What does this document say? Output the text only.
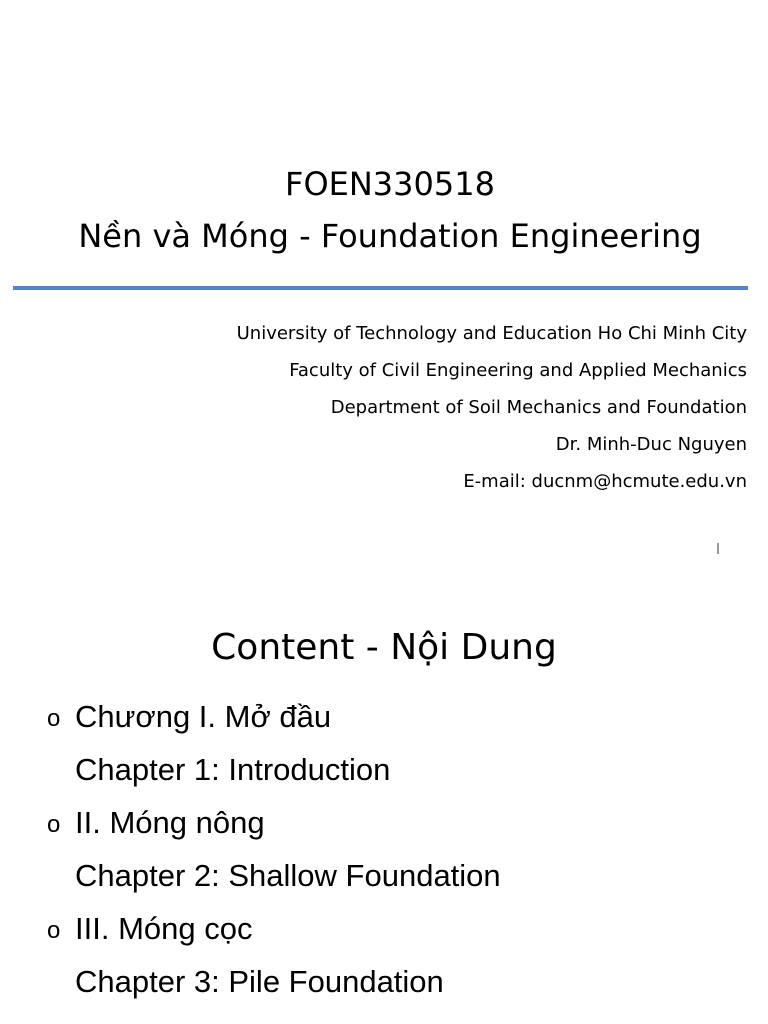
FOEN330518
Nền và Móng - Foundation Engineering
University of Technology and Education Ho Chi Minh City
Faculty of Civil Engineering and Applied Mechanics
Department of Soil Mechanics and Foundation
Dr. Minh-Duc Nguyen
E-mail: ducnm@hcmute.edu.vn
Content - Nội Dung
o Chương I. Mở đầu
Chapter 1: Introduction
o II. Móng nông
Chapter 2: Shallow Foundation
o III. Móng cọc
Chapter 3: Pile Foundation
